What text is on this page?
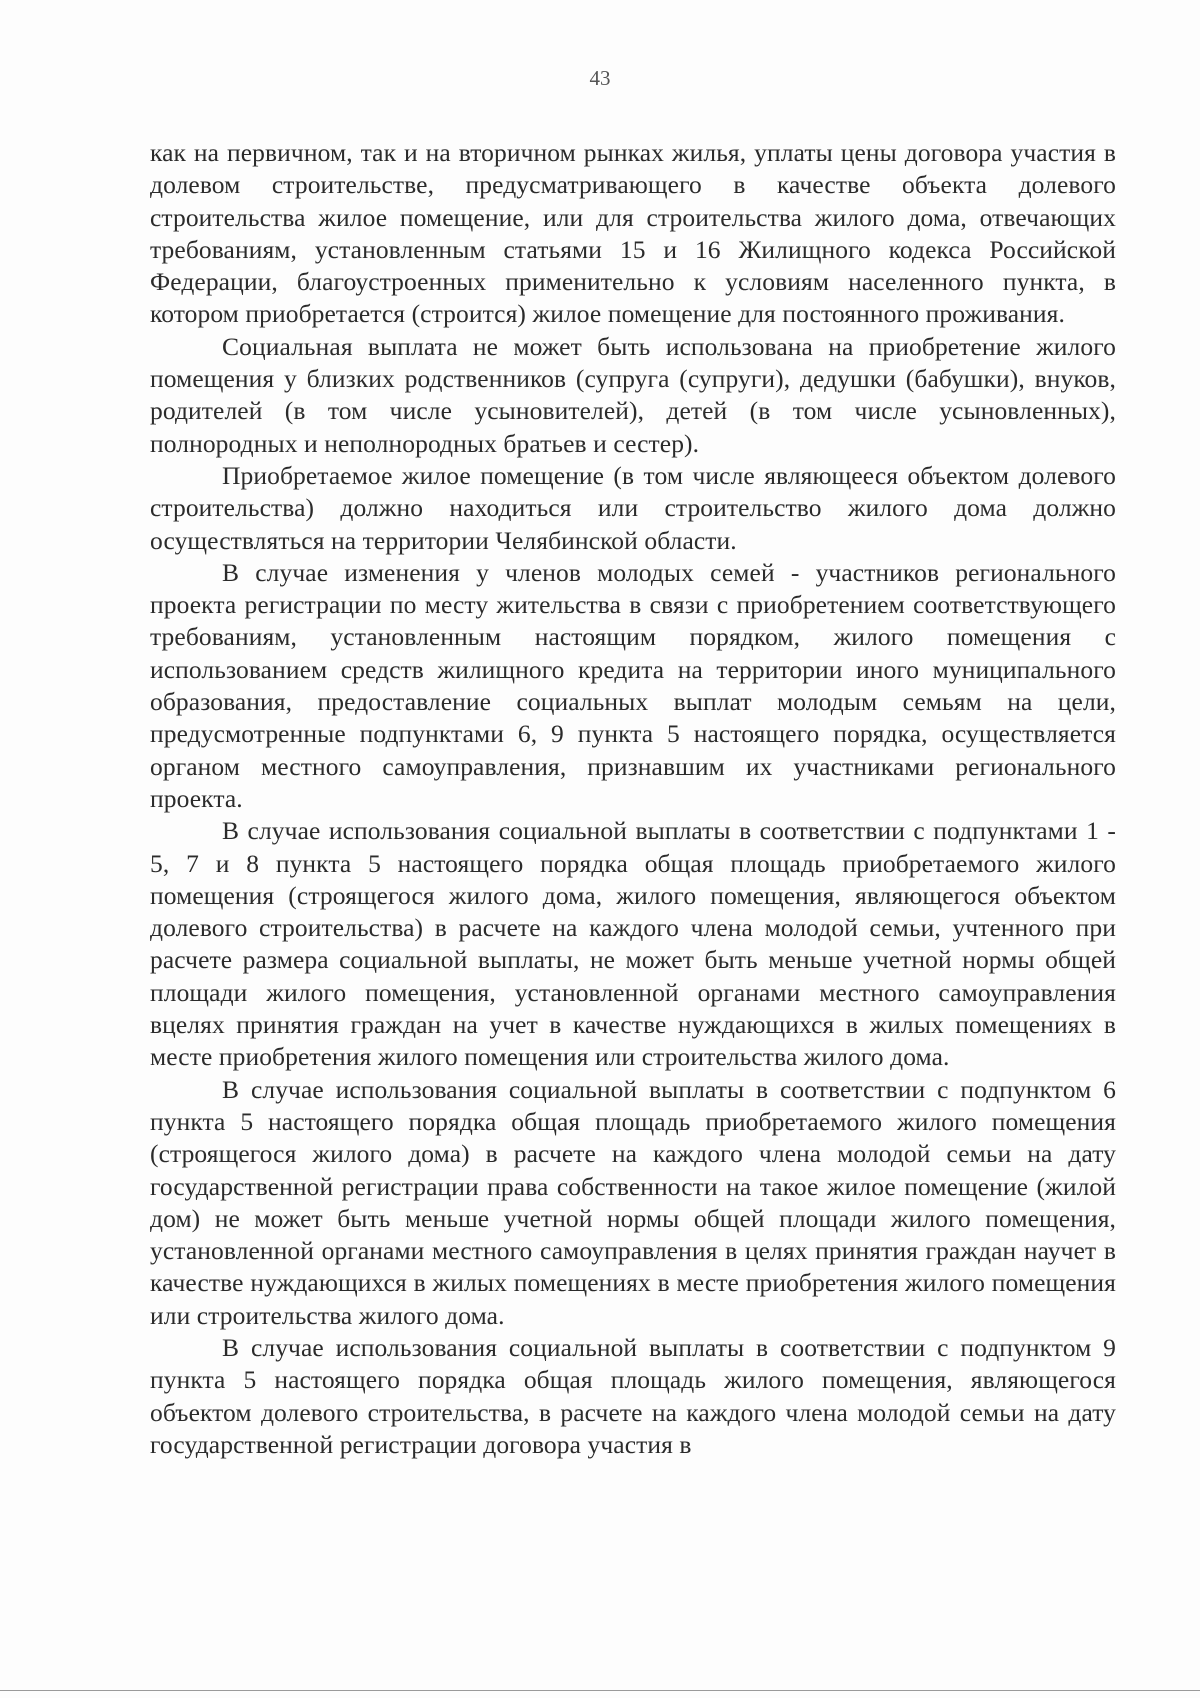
43

как на первичном, так и на вторичном рынках жилья, уплаты цены договора участия в долевом строительстве, предусматривающего в качестве объекта долевого строительства жилое помещение, или для строительства жилого дома, отвечающих требованиям, установленным статьями 15 и 16 Жилищного кодекса Российской Федерации, благоустроенных применительно к условиям населенного пункта, в котором приобретается (строится) жилое помещение для постоянного проживания.

Социальная выплата не может быть использована на приобретение жилого помещения у близких родственников (супруга (супруги), дедушки (бабушки), внуков, родителей (в том числе усыновителей), детей (в том числе усыновленных), полнородных и неполнородных братьев и сестер).

Приобретаемое жилое помещение (в том числе являющееся объектом долевого строительства) должно находиться или строительство жилого дома должно осуществляться на территории Челябинской области.

В случае изменения у членов молодых семей - участников регионального проекта регистрации по месту жительства в связи с приобретением соответствующего требованиям, установленным настоящим порядком, жилого помещения с использованием средств жилищного кредита на территории иного муниципального образования, предоставление социальных выплат молодым семьям на цели, предусмотренные подпунктами 6, 9 пункта 5 настоящего порядка, осуществляется органом местного самоуправления, признавшим их участниками регионального проекта.

В случае использования социальной выплаты в соответствии с подпунктами 1 - 5, 7 и 8 пункта 5 настоящего порядка общая площадь приобретаемого жилого помещения (строящегося жилого дома, жилого помещения, являющегося объектом долевого строительства) в расчете на каждого члена молодой семьи, учтенного при расчете размера социальной выплаты, не может быть меньше учетной нормы общей площади жилого помещения, установленной органами местного самоуправления вцелях принятия граждан на учет в качестве нуждающихся в жилых помещениях в месте приобретения жилого помещения или строительства жилого дома.

В случае использования социальной выплаты в соответствии с подпунктом 6 пункта 5 настоящего порядка общая площадь приобретаемого жилого помещения (строящегося жилого дома) в расчете на каждого члена молодой семьи на дату государственной регистрации права собственности на такое жилое помещение (жилой дом) не может быть меньше учетной нормы общей площади жилого помещения, установленной органами местного самоуправления в целях принятия граждан научет в качестве нуждающихся в жилых помещениях в месте приобретения жилого помещения или строительства жилого дома.

В случае использования социальной выплаты в соответствии с подпунктом 9 пункта 5 настоящего порядка общая площадь жилого помещения, являющегося объектом долевого строительства, в расчете на каждого члена молодой семьи на дату государственной регистрации договора участия в
